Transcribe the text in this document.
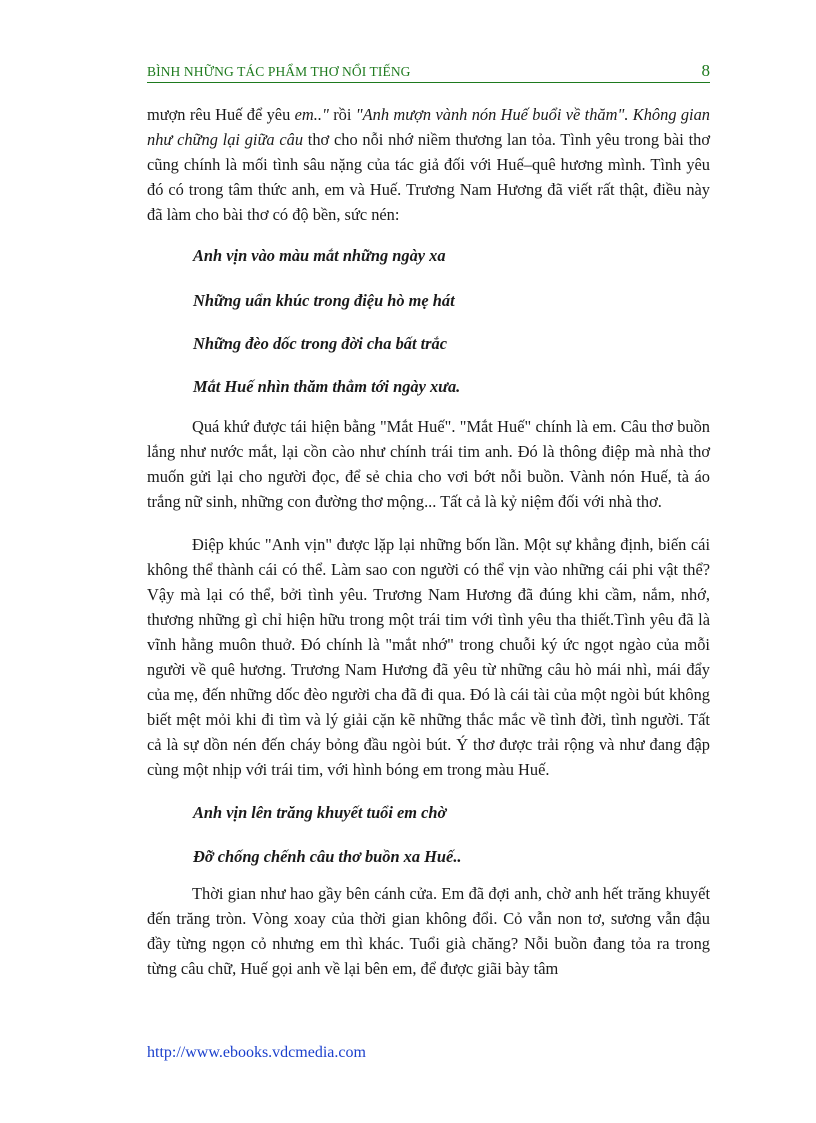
BÌNH NHỮNG TÁC PHẨM THƠ NỔI TIẾNG	8

mượn rêu Huế để yêu em.." rồi "Anh mượn vành nón Huế buổi về thăm". Không gian như chững lại giữa câu thơ cho nỗi nhớ niềm thương lan tỏa. Tình yêu trong bài thơ cũng chính là mối tình sâu nặng của tác giả đối với Huế–quê hương mình. Tình yêu đó có trong tâm thức anh, em và Huế. Trương Nam Hương đã viết rất thật, điều này đã làm cho bài thơ có độ bền, sức nén:

Anh vịn vào màu mắt những ngày xa

Những uẩn khúc trong điệu hò mẹ hát

Những đèo dốc trong đời cha bất trắc

Mắt Huế nhìn thăm thẳm tới ngày xưa.

Quá khứ được tái hiện bằng "Mắt Huế". "Mắt Huế" chính là em. Câu thơ buồn lắng như nước mắt, lại cồn cào như chính trái tim anh. Đó là thông điệp mà nhà thơ muốn gửi lại cho người đọc, để sẻ chia cho vơi bớt nỗi buồn. Vành nón Huế, tà áo trắng nữ sinh, những con đường thơ mộng... Tất cả là kỷ niệm đối với nhà thơ.

Điệp khúc "Anh vịn" được lặp lại những bốn lần. Một sự khẳng định, biến cái không thể thành cái có thể. Làm sao con người có thể vịn vào những cái phi vật thể? Vậy mà lại có thể, bởi tình yêu. Trương Nam Hương đã đúng khi cầm, nắm, nhớ, thương những gì chỉ hiện hữu trong một trái tim với tình yêu tha thiết.Tình yêu đã là vĩnh hằng muôn thuở. Đó chính là "mắt nhớ" trong chuỗi ký ức ngọt ngào của mỗi người về quê hương. Trương Nam Hương đã yêu từ những câu hò mái nhì, mái đẩy của mẹ, đến những dốc đèo người cha đã đi qua. Đó là cái tài của một ngòi bút không biết mệt mỏi khi đi tìm và lý giải cặn kẽ những thắc mắc về tình đời, tình người. Tất cả là sự dồn nén đến cháy bỏng đầu ngòi bút. Ý thơ được trải rộng và như đang đập cùng một nhịp với trái tim, với hình bóng em trong màu Huế.

Anh vịn lên trăng khuyết tuổi em chờ

Đỡ chống chếnh câu thơ buồn xa Huế..

Thời gian như hao gầy bên cánh cửa. Em đã đợi anh, chờ anh hết trăng khuyết đến trăng tròn. Vòng xoay của thời gian không đổi. Cỏ vẫn non tơ, sương vẫn đậu đầy từng ngọn cỏ nhưng em thì khác. Tuổi già chăng? Nỗi buồn đang tỏa ra trong từng câu chữ, Huế gọi anh về lại bên em, để được giãi bày tâm

http://www.ebooks.vdcmedia.com
